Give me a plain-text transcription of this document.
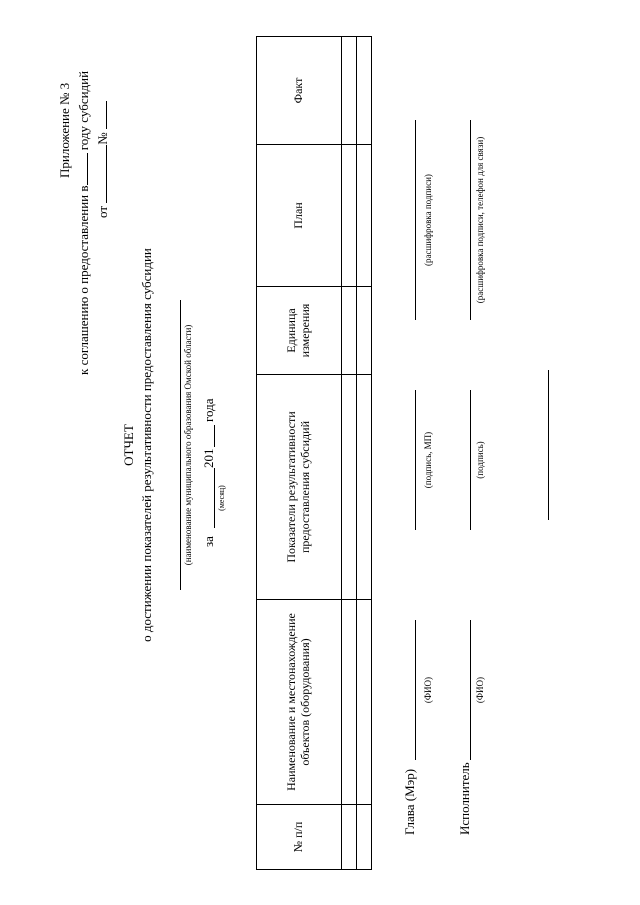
Приложение № 3
к соглашению о предоставлении в году субсидий
от №
ОТЧЕТ о достижении показателей результативности предоставления субсидии	(наименование муниципального образования Омской области) за
201
года
(месяц)
№ п/п	Наименование и местонахождение объектов (оборудования)	Показатели результативности предоставления субсидий	Единица измерения	План	Факт

Глава (Мэр)
(ФИО)
(подпись, МП)
(расшифровка подписи)
Исполнитель
(ФИО)
(подпись)
(расшифровка подписи, телефон для связи)
